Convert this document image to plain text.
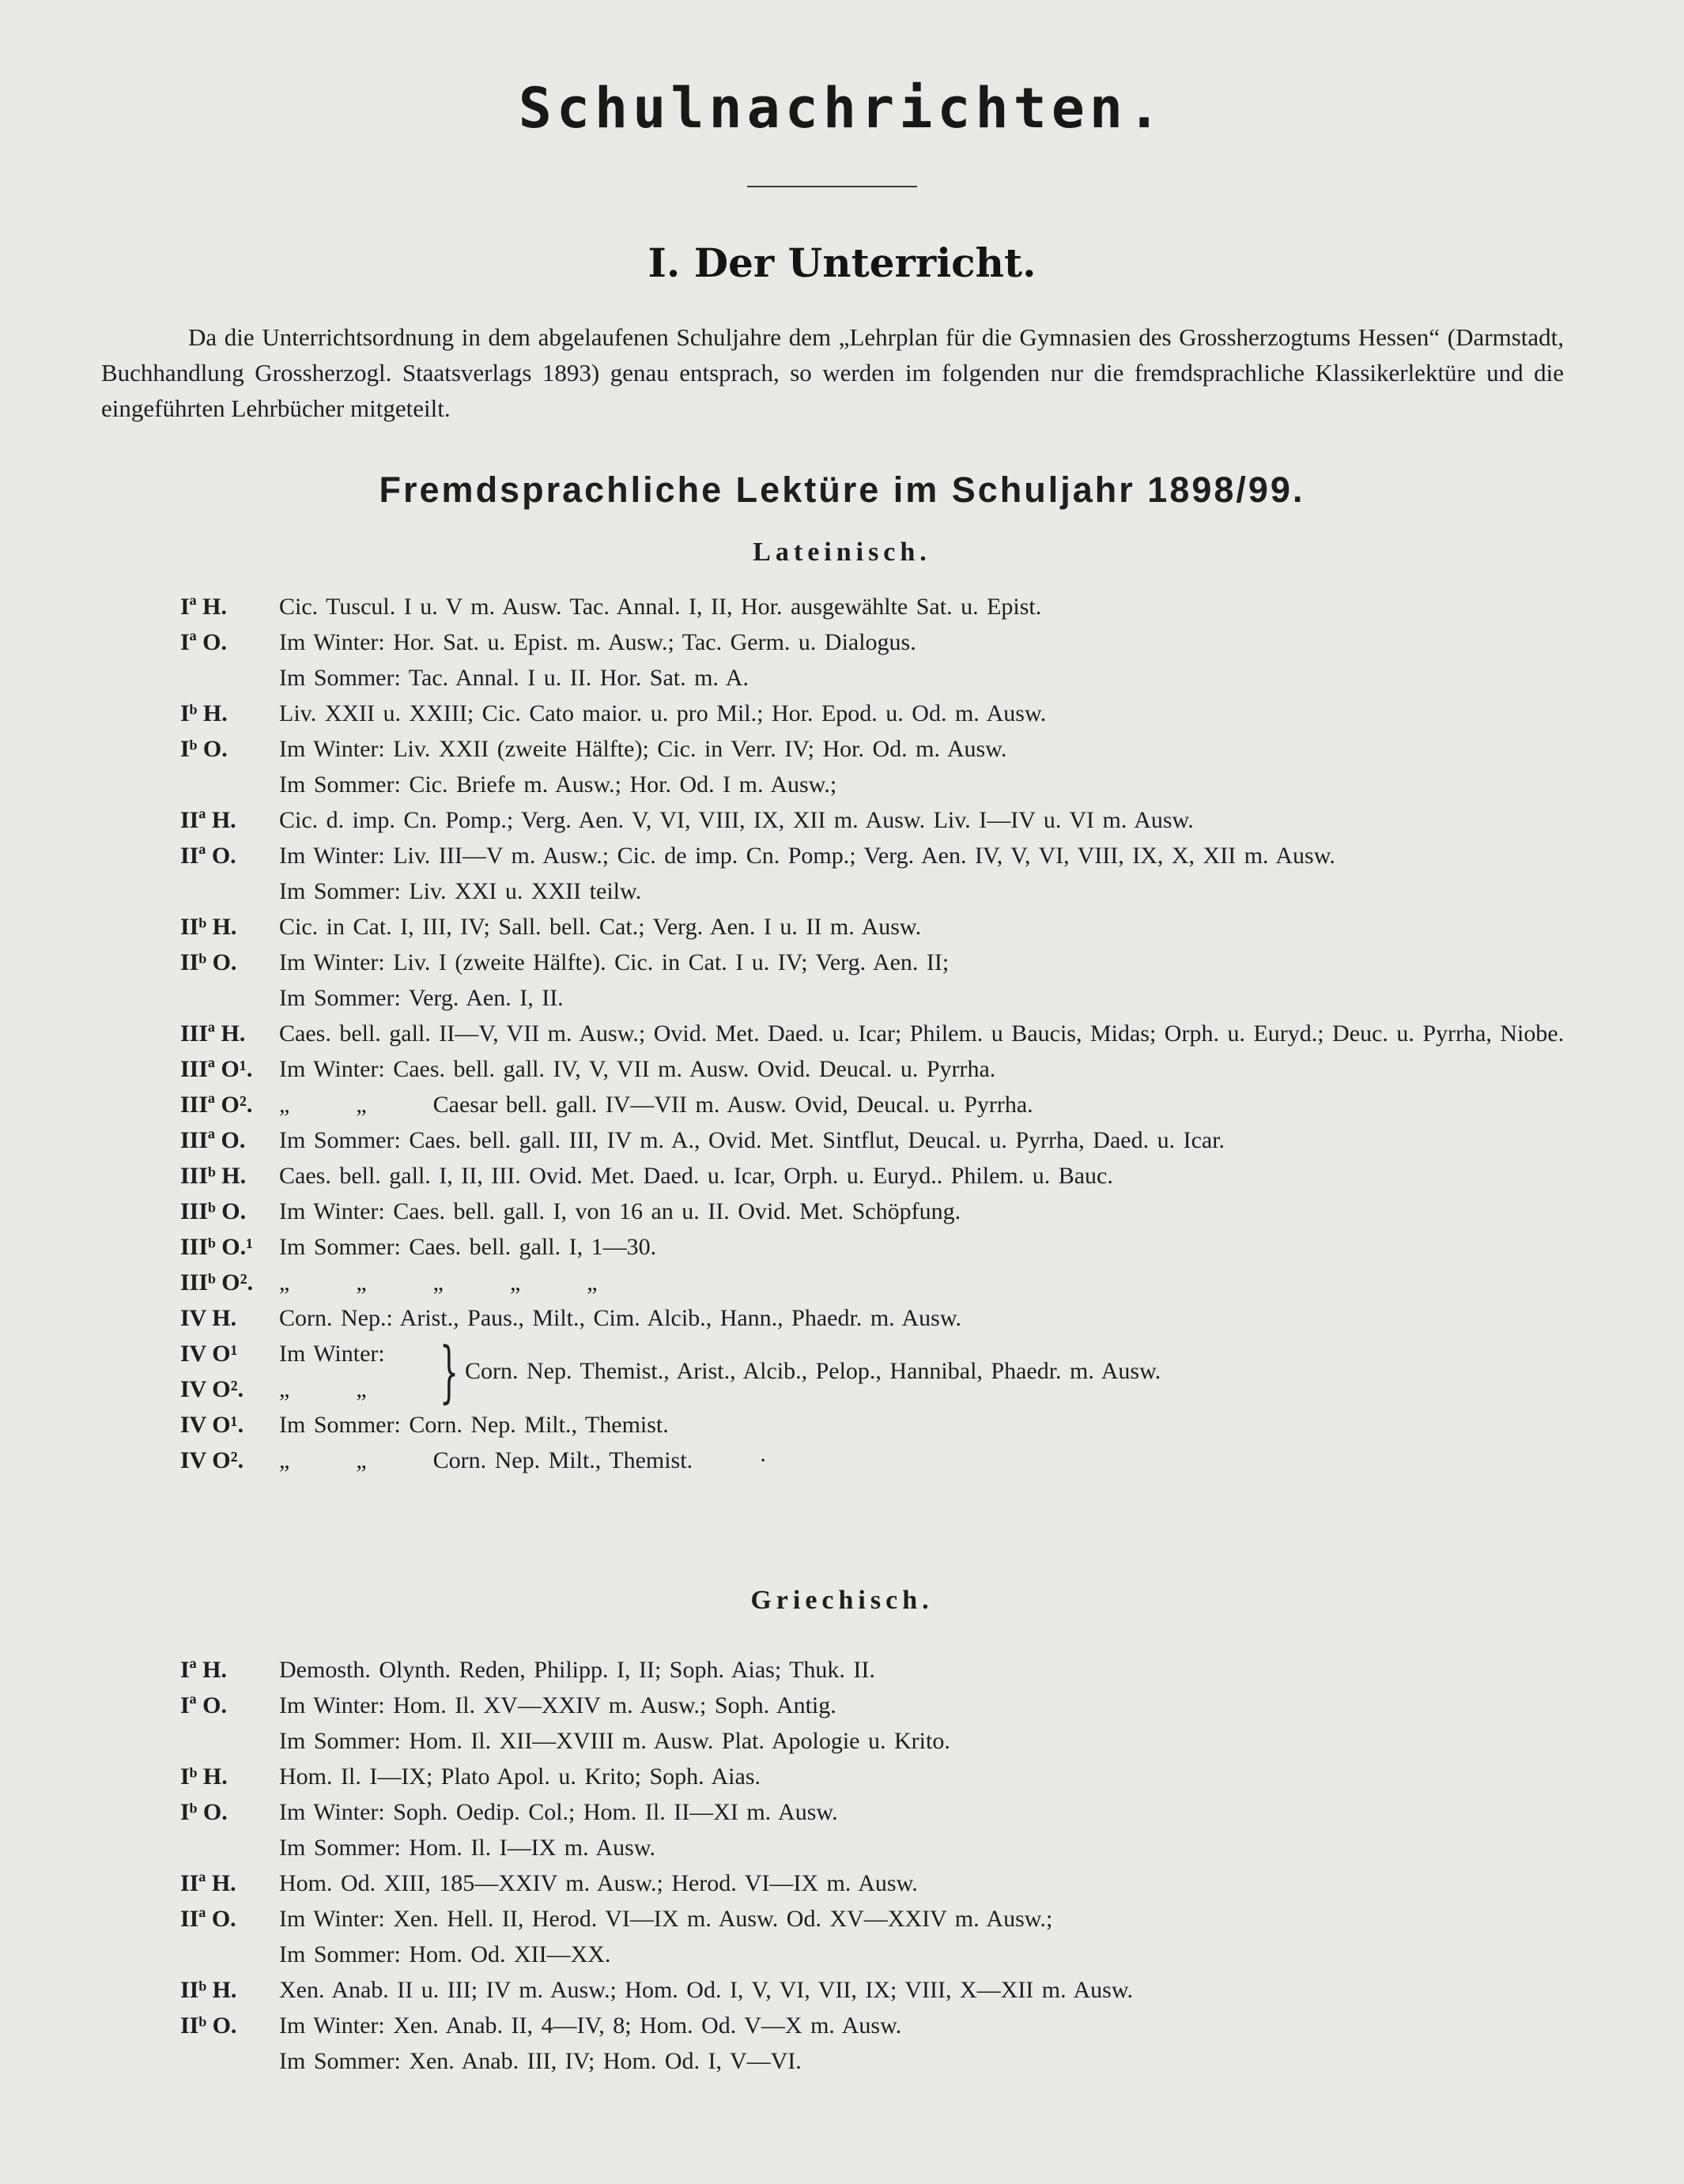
Schulnachrichten.
I. Der Unterricht.

Da die Unterrichtsordnung in dem abgelaufenen Schuljahre dem „Lehrplan für die Gymnasien des Grossherzogtums Hessen“ (Darmstadt, Buchhandlung Grossherzogl. Staatsverlags 1893) genau entsprach, so werden im folgenden nur die fremdsprachliche Klassikerlektüre und die eingeführten Lehrbücher mitgeteilt.

Fremdsprachliche Lektüre im Schuljahr 1898/99.
Lateinisch.
Iª H.	Cic. Tuscul. I u. V m. Ausw. Tac. Annal. I, II, Hor. ausgewählte Sat. u. Epist.
Iª O.	Im Winter: Hor. Sat. u. Epist. m. Ausw.; Tac. Germ. u. Dialogus.
Im Sommer: Tac. Annal. I u. II. Hor. Sat. m. A.
Iᵇ H.	Liv. XXII u. XXIII; Cic. Cato maior. u. pro Mil.; Hor. Epod. u. Od. m. Ausw.
Iᵇ O.	Im Winter: Liv. XXII (zweite Hälfte); Cic. in Verr. IV; Hor. Od. m. Ausw.
Im Sommer: Cic. Briefe m. Ausw.; Hor. Od. I m. Ausw.;
IIª H.	Cic. d. imp. Cn. Pomp.; Verg. Aen. V, VI, VIII, IX, XII m. Ausw. Liv. I—IV u. VI m. Ausw.
IIª O.	Im Winter: Liv. III—V m. Ausw.; Cic. de imp. Cn. Pomp.; Verg. Aen. IV, V, VI, VIII, IX, X, XII m. Ausw.
Im Sommer: Liv. XXI u. XXII teilw.
IIᵇ H.	Cic. in Cat. I, III, IV; Sall. bell. Cat.; Verg. Aen. I u. II m. Ausw.
IIᵇ O.	Im Winter: Liv. I (zweite Hälfte). Cic. in Cat. I u. IV; Verg. Aen. II;
Im Sommer: Verg. Aen. I, II.
IIIª H.	Caes. bell. gall. II—V, VII m. Ausw.; Ovid. Met. Daed. u. Icar; Philem. u Baucis, Midas; Orph. u. Euryd.; Deuc. u. Pyrrha, Niobe.
IIIª O¹.	Im Winter: Caes. bell. gall. IV, V, VII m. Ausw. Ovid. Deucal. u. Pyrrha.
IIIª O².	„        „        Caesar bell. gall. IV—VII m. Ausw. Ovid, Deucal. u. Pyrrha.
IIIª O.	Im Sommer: Caes. bell. gall. III, IV m. A., Ovid. Met. Sintflut, Deucal. u. Pyrrha, Daed. u. Icar.
IIIᵇ H.	Caes. bell. gall. I, II, III. Ovid. Met. Daed. u. Icar, Orph. u. Euryd.. Philem. u. Bauc.
IIIᵇ O.	Im Winter: Caes. bell. gall. I, von 16 an u. II. Ovid. Met. Schöpfung.
IIIᵇ O.¹	Im Sommer: Caes. bell. gall. I, 1—30.
IIIᵇ O².	„        „        „        „        „
IV H.	Corn. Nep.: Arist., Paus., Milt., Cim. Alcib., Hann., Phaedr. m. Ausw.
IV O¹	Im Winter:
IV O².	„        „	} Corn. Nep. Themist., Arist., Alcib., Pelop., Hannibal, Phaedr. m. Ausw.
IV O¹.	Im Sommer: Corn. Nep. Milt., Themist.
IV O².	„        „        Corn. Nep. Milt., Themist.        ·
Griechisch.
Iª H.	Demosth. Olynth. Reden, Philipp. I, II; Soph. Aias; Thuk. II.
Iª O.	Im Winter: Hom. Il. XV—XXIV m. Ausw.; Soph. Antig.
Im Sommer: Hom. Il. XII—XVIII m. Ausw. Plat. Apologie u. Krito.
Iᵇ H.	Hom. Il. I—IX; Plato Apol. u. Krito; Soph. Aias.
Iᵇ O.	Im Winter: Soph. Oedip. Col.; Hom. Il. II—XI m. Ausw.
Im Sommer: Hom. Il. I—IX m. Ausw.
IIª H.	Hom. Od. XIII, 185—XXIV m. Ausw.; Herod. VI—IX m. Ausw.
IIª O.	Im Winter: Xen. Hell. II, Herod. VI—IX m. Ausw. Od. XV—XXIV m. Ausw.;
Im Sommer: Hom. Od. XII—XX.
IIᵇ H.	Xen. Anab. II u. III; IV m. Ausw.; Hom. Od. I, V, VI, VII, IX; VIII, X—XII m. Ausw.
IIᵇ O.	Im Winter: Xen. Anab. II, 4—IV, 8; Hom. Od. V—X m. Ausw.
Im Sommer: Xen. Anab. III, IV; Hom. Od. I, V—VI.
